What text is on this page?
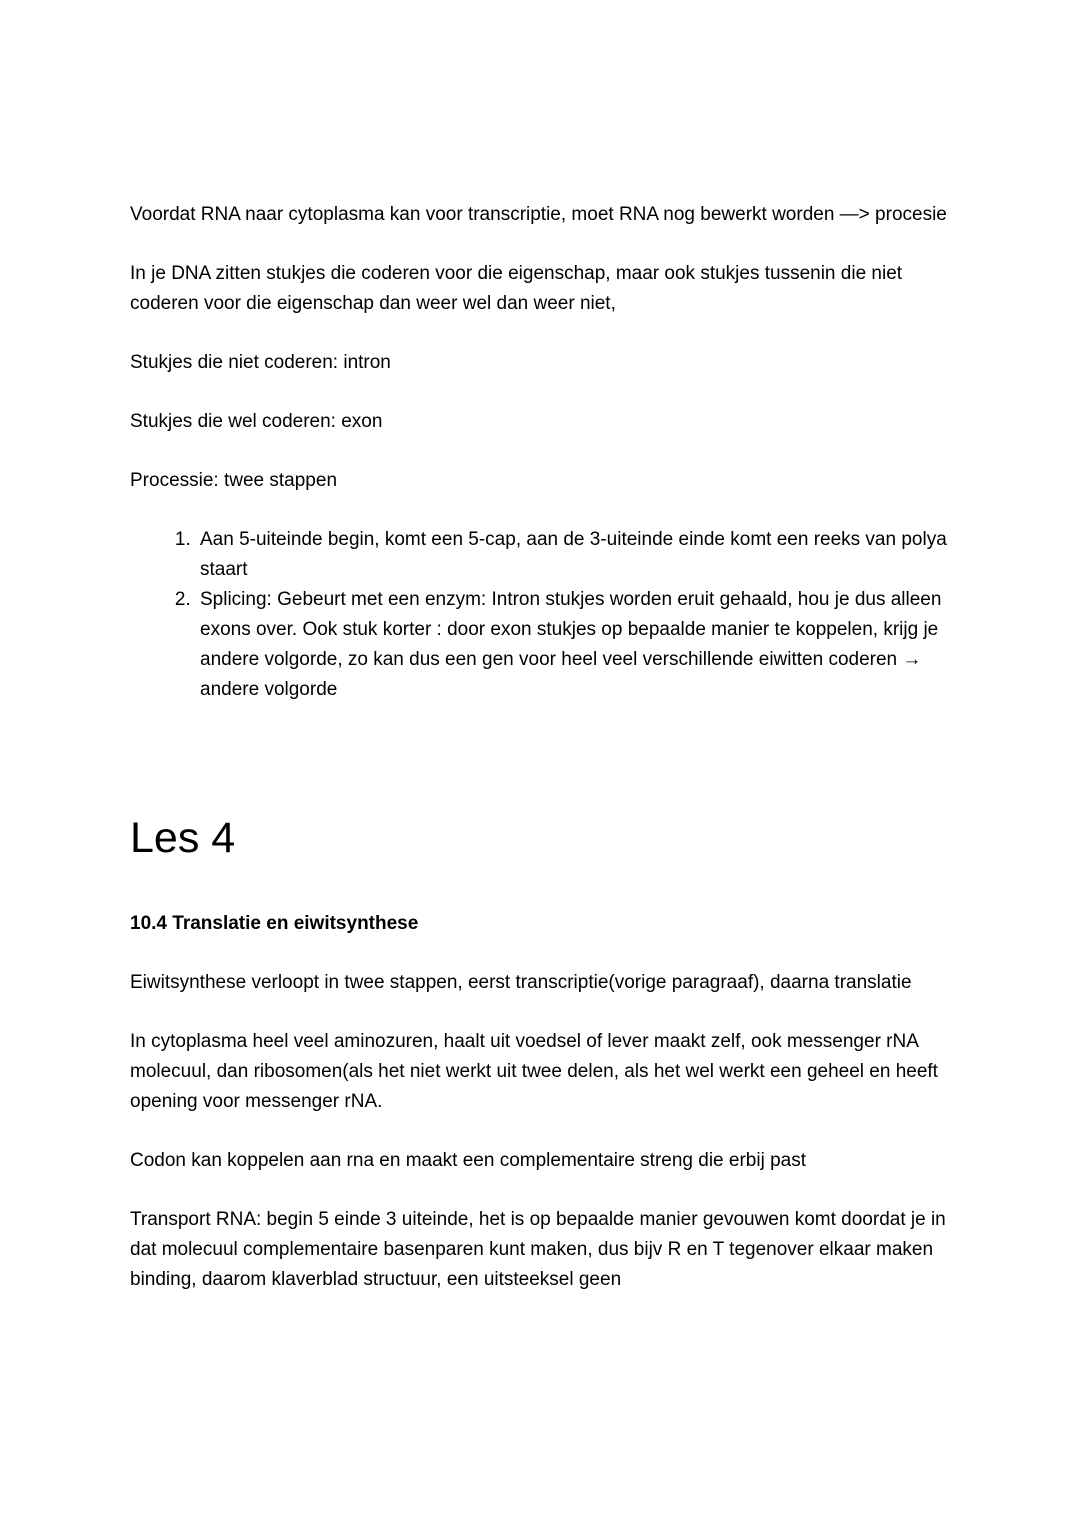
Voordat RNA naar cytoplasma kan voor transcriptie, moet RNA nog bewerkt worden —> procesie

In je DNA zitten stukjes die coderen voor die eigenschap, maar ook stukjes tussenin die niet coderen voor die eigenschap dan weer wel dan weer niet,

Stukjes die niet coderen: intron

Stukjes die wel coderen: exon

Processie: twee stappen

1. Aan 5-uiteinde begin, komt een 5-cap, aan de 3-uiteinde einde komt een reeks van polya staart
2. Splicing: Gebeurt met een enzym: Intron stukjes worden eruit gehaald, hou je dus alleen exons over. Ook stuk korter : door exon stukjes op bepaalde manier te koppelen, krijg je andere volgorde, zo kan dus een gen voor heel veel verschillende eiwitten coderen → andere volgorde
Les 4

10.4 Translatie en eiwitsynthese

Eiwitsynthese verloopt in twee stappen, eerst transcriptie(vorige paragraaf), daarna translatie

In cytoplasma heel veel aminozuren, haalt uit voedsel of lever maakt zelf, ook messenger rNA molecuul, dan ribosomen(als het niet werkt uit twee delen, als het wel werkt een geheel en heeft opening voor messenger rNA.

Codon kan koppelen aan rna en maakt een complementaire streng die erbij past

Transport RNA: begin 5 einde 3 uiteinde, het is op bepaalde manier gevouwen komt doordat je in dat molecuul complementaire basenparen kunt maken, dus bijv R en T tegenover elkaar maken binding, daarom klaverblad structuur, een uitsteeksel geen
